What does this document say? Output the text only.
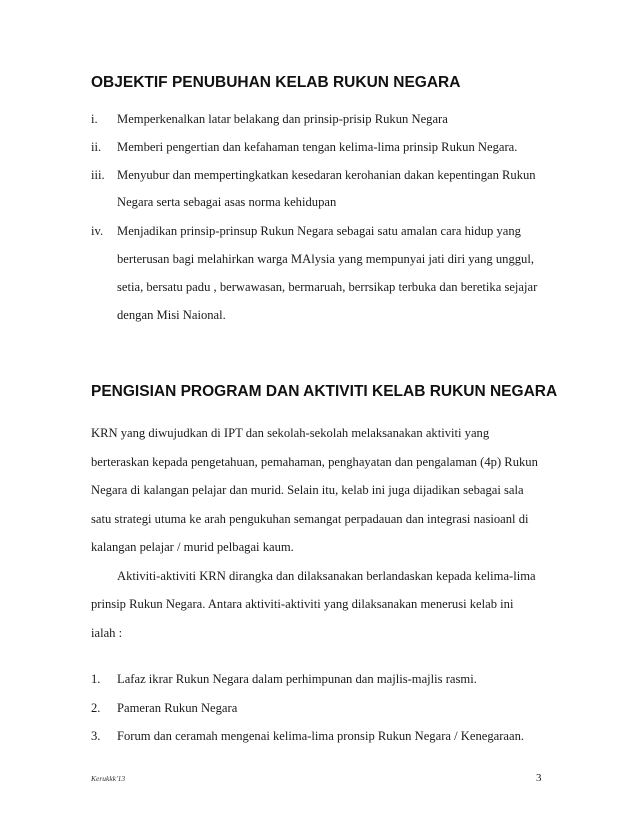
OBJEKTIF PENUBUHAN KELAB RUKUN NEGARA
i. Memperkenalkan latar belakang dan prinsip-prisip Rukun Negara
ii. Memberi pengertian dan kefahaman tengan kelima-lima prinsip Rukun Negara.
iii. Menyubur dan mempertingkatkan kesedaran kerohanian dakan kepentingan Rukun
Negara serta sebagai asas norma kehidupan
iv. Menjadikan prinsip-prinsup Rukun Negara sebagai satu amalan cara hidup yang
berterusan bagi melahirkan warga MAlysia yang mempunyai jati diri yang unggul,
setia, bersatu padu , berwawasan, bermaruah, berrsikap terbuka dan beretika sejajar
dengan Misi Naional.
PENGISIAN PROGRAM DAN AKTIVITI KELAB RUKUN NEGARA
KRN yang diwujudkan di IPT dan sekolah-sekolah melaksanakan aktiviti yang
berteraskan kepada pengetahuan, pemahaman, penghayatan dan pengalaman (4p) Rukun
Negara di kalangan pelajar dan murid. Selain itu, kelab ini juga dijadikan sebagai sala
satu strategi utuma ke arah pengukuhan semangat perpadauan dan integrasi nasioanl di
kalangan pelajar / murid pelbagai kaum.
Aktiviti-aktiviti KRN dirangka dan dilaksanakan berlandaskan kepada kelima-lima
prinsip Rukun Negara. Antara aktiviti-aktiviti yang dilaksanakan menerusi kelab ini
ialah :
1. Lafaz ikrar Rukun Negara dalam perhimpunan dan majlis-majlis rasmi.
2. Pameran Rukun Negara
3. Forum dan ceramah mengenai kelima-lima pronsip Rukun Negara / Kenegaraan.
Kerukkk'13	3
